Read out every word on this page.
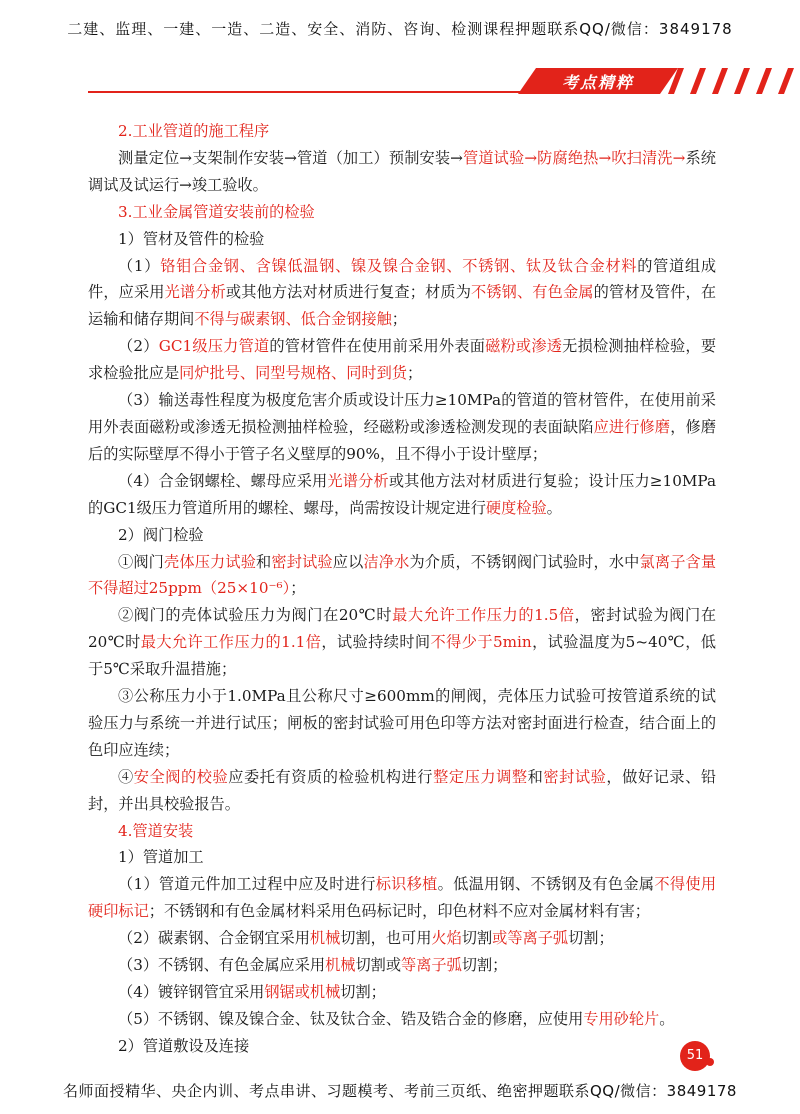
二建、监理、一建、一造、二造、安全、消防、咨询、检测课程押题联系QQ/微信：3849178
考点精粹

2.工业管道的施工程序

测量定位→支架制作安装→管道（加工）预制安装→管道试验→防腐绝热→吹扫清洗→系统调试及试运行→竣工验收。

3.工业金属管道安装前的检验

1）管材及管件的检验

（1）铬钼合金钢、含镍低温钢、镍及镍合金钢、不锈钢、钛及钛合金材料的管道组成件，应采用光谱分析或其他方法对材质进行复查；材质为不锈钢、有色金属的管材及管件，在运输和储存期间不得与碳素钢、低合金钢接触；

（2）GC1级压力管道的管材管件在使用前采用外表面磁粉或渗透无损检测抽样检验，要求检验批应是同炉批号、同型号规格、同时到货；

（3）输送毒性程度为极度危害介质或设计压力≥10MPa的管道的管材管件，在使用前采用外表面磁粉或渗透无损检测抽样检验，经磁粉或渗透检测发现的表面缺陷应进行修磨，修磨后的实际壁厚不得小于管子名义壁厚的90%，且不得小于设计壁厚；

（4）合金钢螺栓、螺母应采用光谱分析或其他方法对材质进行复验；设计压力≥10MPa的GC1级压力管道所用的螺栓、螺母，尚需按设计规定进行硬度检验。

2）阀门检验

①阀门壳体压力试验和密封试验应以洁净水为介质，不锈钢阀门试验时，水中氯离子含量不得超过25ppm（25×10⁻⁶）；

②阀门的壳体试验压力为阀门在20℃时最大允许工作压力的1.5倍，密封试验为阀门在20℃时最大允许工作压力的1.1倍，试验持续时间不得少于5min，试验温度为5~40℃，低于5℃采取升温措施；

③公称压力小于1.0MPa且公称尺寸≥600mm的闸阀，壳体压力试验可按管道系统的试验压力与系统一并进行试压；闸板的密封试验可用色印等方法对密封面进行检查，结合面上的色印应连续；

④安全阀的校验应委托有资质的检验机构进行整定压力调整和密封试验，做好记录、铅封，并出具校验报告。

4.管道安装

1）管道加工

（1）管道元件加工过程中应及时进行标识移植。低温用钢、不锈钢及有色金属不得使用硬印标记；不锈钢和有色金属材料采用色码标记时，印色材料不应对金属材料有害；

（2）碳素钢、合金钢宜采用机械切割，也可用火焰切割或等离子弧切割；

（3）不锈钢、有色金属应采用机械切割或等离子弧切割；

（4）镀锌钢管宜采用钢锯或机械切割；

（5）不锈钢、镍及镍合金、钛及钛合金、锆及锆合金的修磨，应使用专用砂轮片。

2）管道敷设及连接

51
名师面授精华、央企内训、考点串讲、习题模考、考前三页纸、绝密押题联系QQ/微信：3849178
